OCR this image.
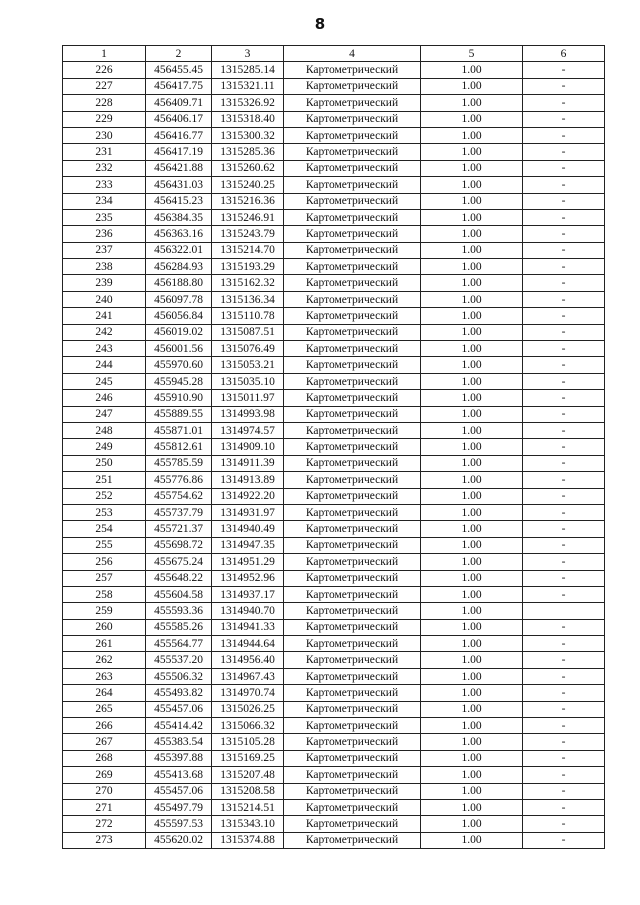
8
1	2	3	4	5	6
226	456455.45	1315285.14	Картометрический	1.00	-
227	456417.75	1315321.11	Картометрический	1.00	-
228	456409.71	1315326.92	Картометрический	1.00	-
229	456406.17	1315318.40	Картометрический	1.00	-
230	456416.77	1315300.32	Картометрический	1.00	-
231	456417.19	1315285.36	Картометрический	1.00	-
232	456421.88	1315260.62	Картометрический	1.00	-
233	456431.03	1315240.25	Картометрический	1.00	-
234	456415.23	1315216.36	Картометрический	1.00	-
235	456384.35	1315246.91	Картометрический	1.00	-
236	456363.16	1315243.79	Картометрический	1.00	-
237	456322.01	1315214.70	Картометрический	1.00	-
238	456284.93	1315193.29	Картометрический	1.00	-
239	456188.80	1315162.32	Картометрический	1.00	-
240	456097.78	1315136.34	Картометрический	1.00	-
241	456056.84	1315110.78	Картометрический	1.00	-
242	456019.02	1315087.51	Картометрический	1.00	-
243	456001.56	1315076.49	Картометрический	1.00	-
244	455970.60	1315053.21	Картометрический	1.00	-
245	455945.28	1315035.10	Картометрический	1.00	-
246	455910.90	1315011.97	Картометрический	1.00	-
247	455889.55	1314993.98	Картометрический	1.00	-
248	455871.01	1314974.57	Картометрический	1.00	-
249	455812.61	1314909.10	Картометрический	1.00	-
250	455785.59	1314911.39	Картометрический	1.00	-
251	455776.86	1314913.89	Картометрический	1.00	-
252	455754.62	1314922.20	Картометрический	1.00	-
253	455737.79	1314931.97	Картометрический	1.00	-
254	455721.37	1314940.49	Картометрический	1.00	-
255	455698.72	1314947.35	Картометрический	1.00	-
256	455675.24	1314951.29	Картометрический	1.00	-
257	455648.22	1314952.96	Картометрический	1.00	-
258	455604.58	1314937.17	Картометрический	1.00	-
259	455593.36	1314940.70	Картометрический	1.00	
260	455585.26	1314941.33	Картометрический	1.00	-
261	455564.77	1314944.64	Картометрический	1.00	-
262	455537.20	1314956.40	Картометрический	1.00	-
263	455506.32	1314967.43	Картометрический	1.00	-
264	455493.82	1314970.74	Картометрический	1.00	-
265	455457.06	1315026.25	Картометрический	1.00	-
266	455414.42	1315066.32	Картометрический	1.00	-
267	455383.54	1315105.28	Картометрический	1.00	-
268	455397.88	1315169.25	Картометрический	1.00	-
269	455413.68	1315207.48	Картометрический	1.00	-
270	455457.06	1315208.58	Картометрический	1.00	-
271	455497.79	1315214.51	Картометрический	1.00	-
272	455597.53	1315343.10	Картометрический	1.00	-
273	455620.02	1315374.88	Картометрический	1.00	-
